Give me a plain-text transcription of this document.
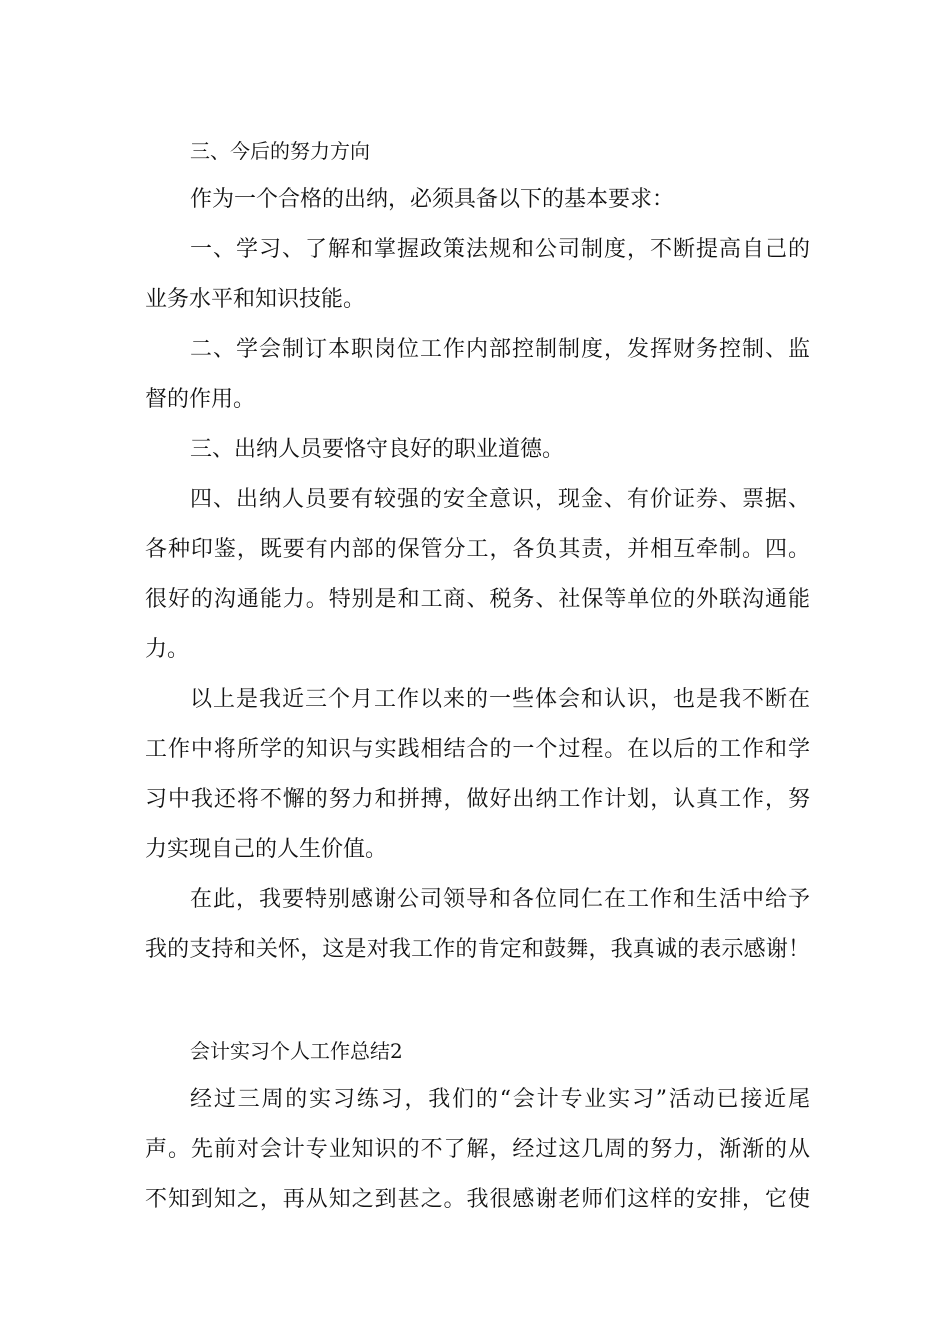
三、今后的努力方向
作为一个合格的出纳，必须具备以下的基本要求：
一、学习、了解和掌握政策法规和公司制度，不断提高自己的
业务水平和知识技能。
二、学会制订本职岗位工作内部控制制度，发挥财务控制、监
督的作用。
三、出纳人员要恪守良好的职业道德。
四、出纳人员要有较强的安全意识，现金、有价证券、票据、
各种印鉴，既要有内部的保管分工，各负其责，并相互牵制。四。
很好的沟通能力。特别是和工商、税务、社保等单位的外联沟通能
力。
以上是我近三个月工作以来的一些体会和认识，也是我不断在
工作中将所学的知识与实践相结合的一个过程。在以后的工作和学
习中我还将不懈的努力和拼搏，做好出纳工作计划，认真工作，努
力实现自己的人生价值。
在此，我要特别感谢公司领导和各位同仁在工作和生活中给予
我的支持和关怀，这是对我工作的肯定和鼓舞，我真诚的表示感谢！
会计实习个人工作总结2
经过三周的实习练习，我们的“会计专业实习”活动已接近尾
声。先前对会计专业知识的不了解，经过这几周的努力，渐渐的从
不知到知之，再从知之到甚之。我很感谢老师们这样的安排，它使
